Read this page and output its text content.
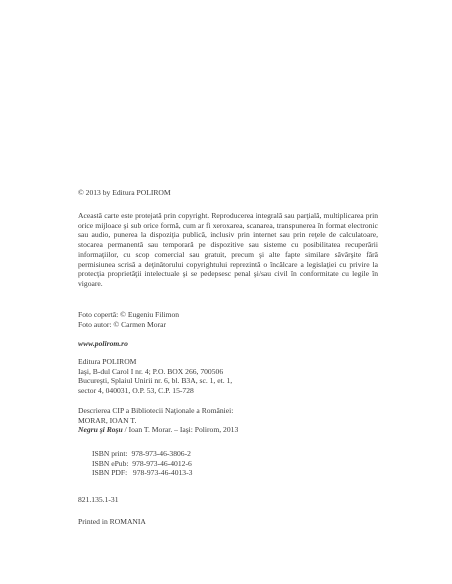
© 2013 by Editura POLIROM
Această carte este protejată prin copyright. Reproducerea integrală sau parţială, multiplicarea prin orice mijloace şi sub orice formă, cum ar fi xeroxarea, scanarea, transpunerea în format electronic sau audio, punerea la dispoziţia publică, inclusiv prin internet sau prin reţele de calculatoare, stocarea permanentă sau temporară pe dispozitive sau sisteme cu posibilitatea recuperării informaţiilor, cu scop comercial sau gratuit, precum şi alte fapte similare săvârşite fără permisiunea scrisă a deţinătorului copyrightului reprezintă o încălcare a legislaţiei cu privire la protecţia proprietăţii intelectuale şi se pedepsesc penal şi/sau civil în conformitate cu legile în vigoare.

Foto copertă: © Eugeniu Filimon

Foto autor: © Carmen Morar

www.polirom.ro

Editura POLIROM

Iaşi, B-dul Carol I nr. 4; P.O. BOX 266, 700506

Bucureşti, Splaiul Unirii nr. 6, bl. B3A, sc. 1, et. 1,

sector 4, 040031, O.P. 53, C.P. 15-728

Descrierea CIP a Bibliotecii Naţionale a României:

MORAR, IOAN T.

Negru şi Roşu / Ioan T. Morar. – Iaşi: Polirom, 2013

ISBN print:  978-973-46-3806-2

ISBN ePub:  978-973-46-4012-6

ISBN PDF:   978-973-46-4013-3

821.135.1-31
Printed in ROMANIA
